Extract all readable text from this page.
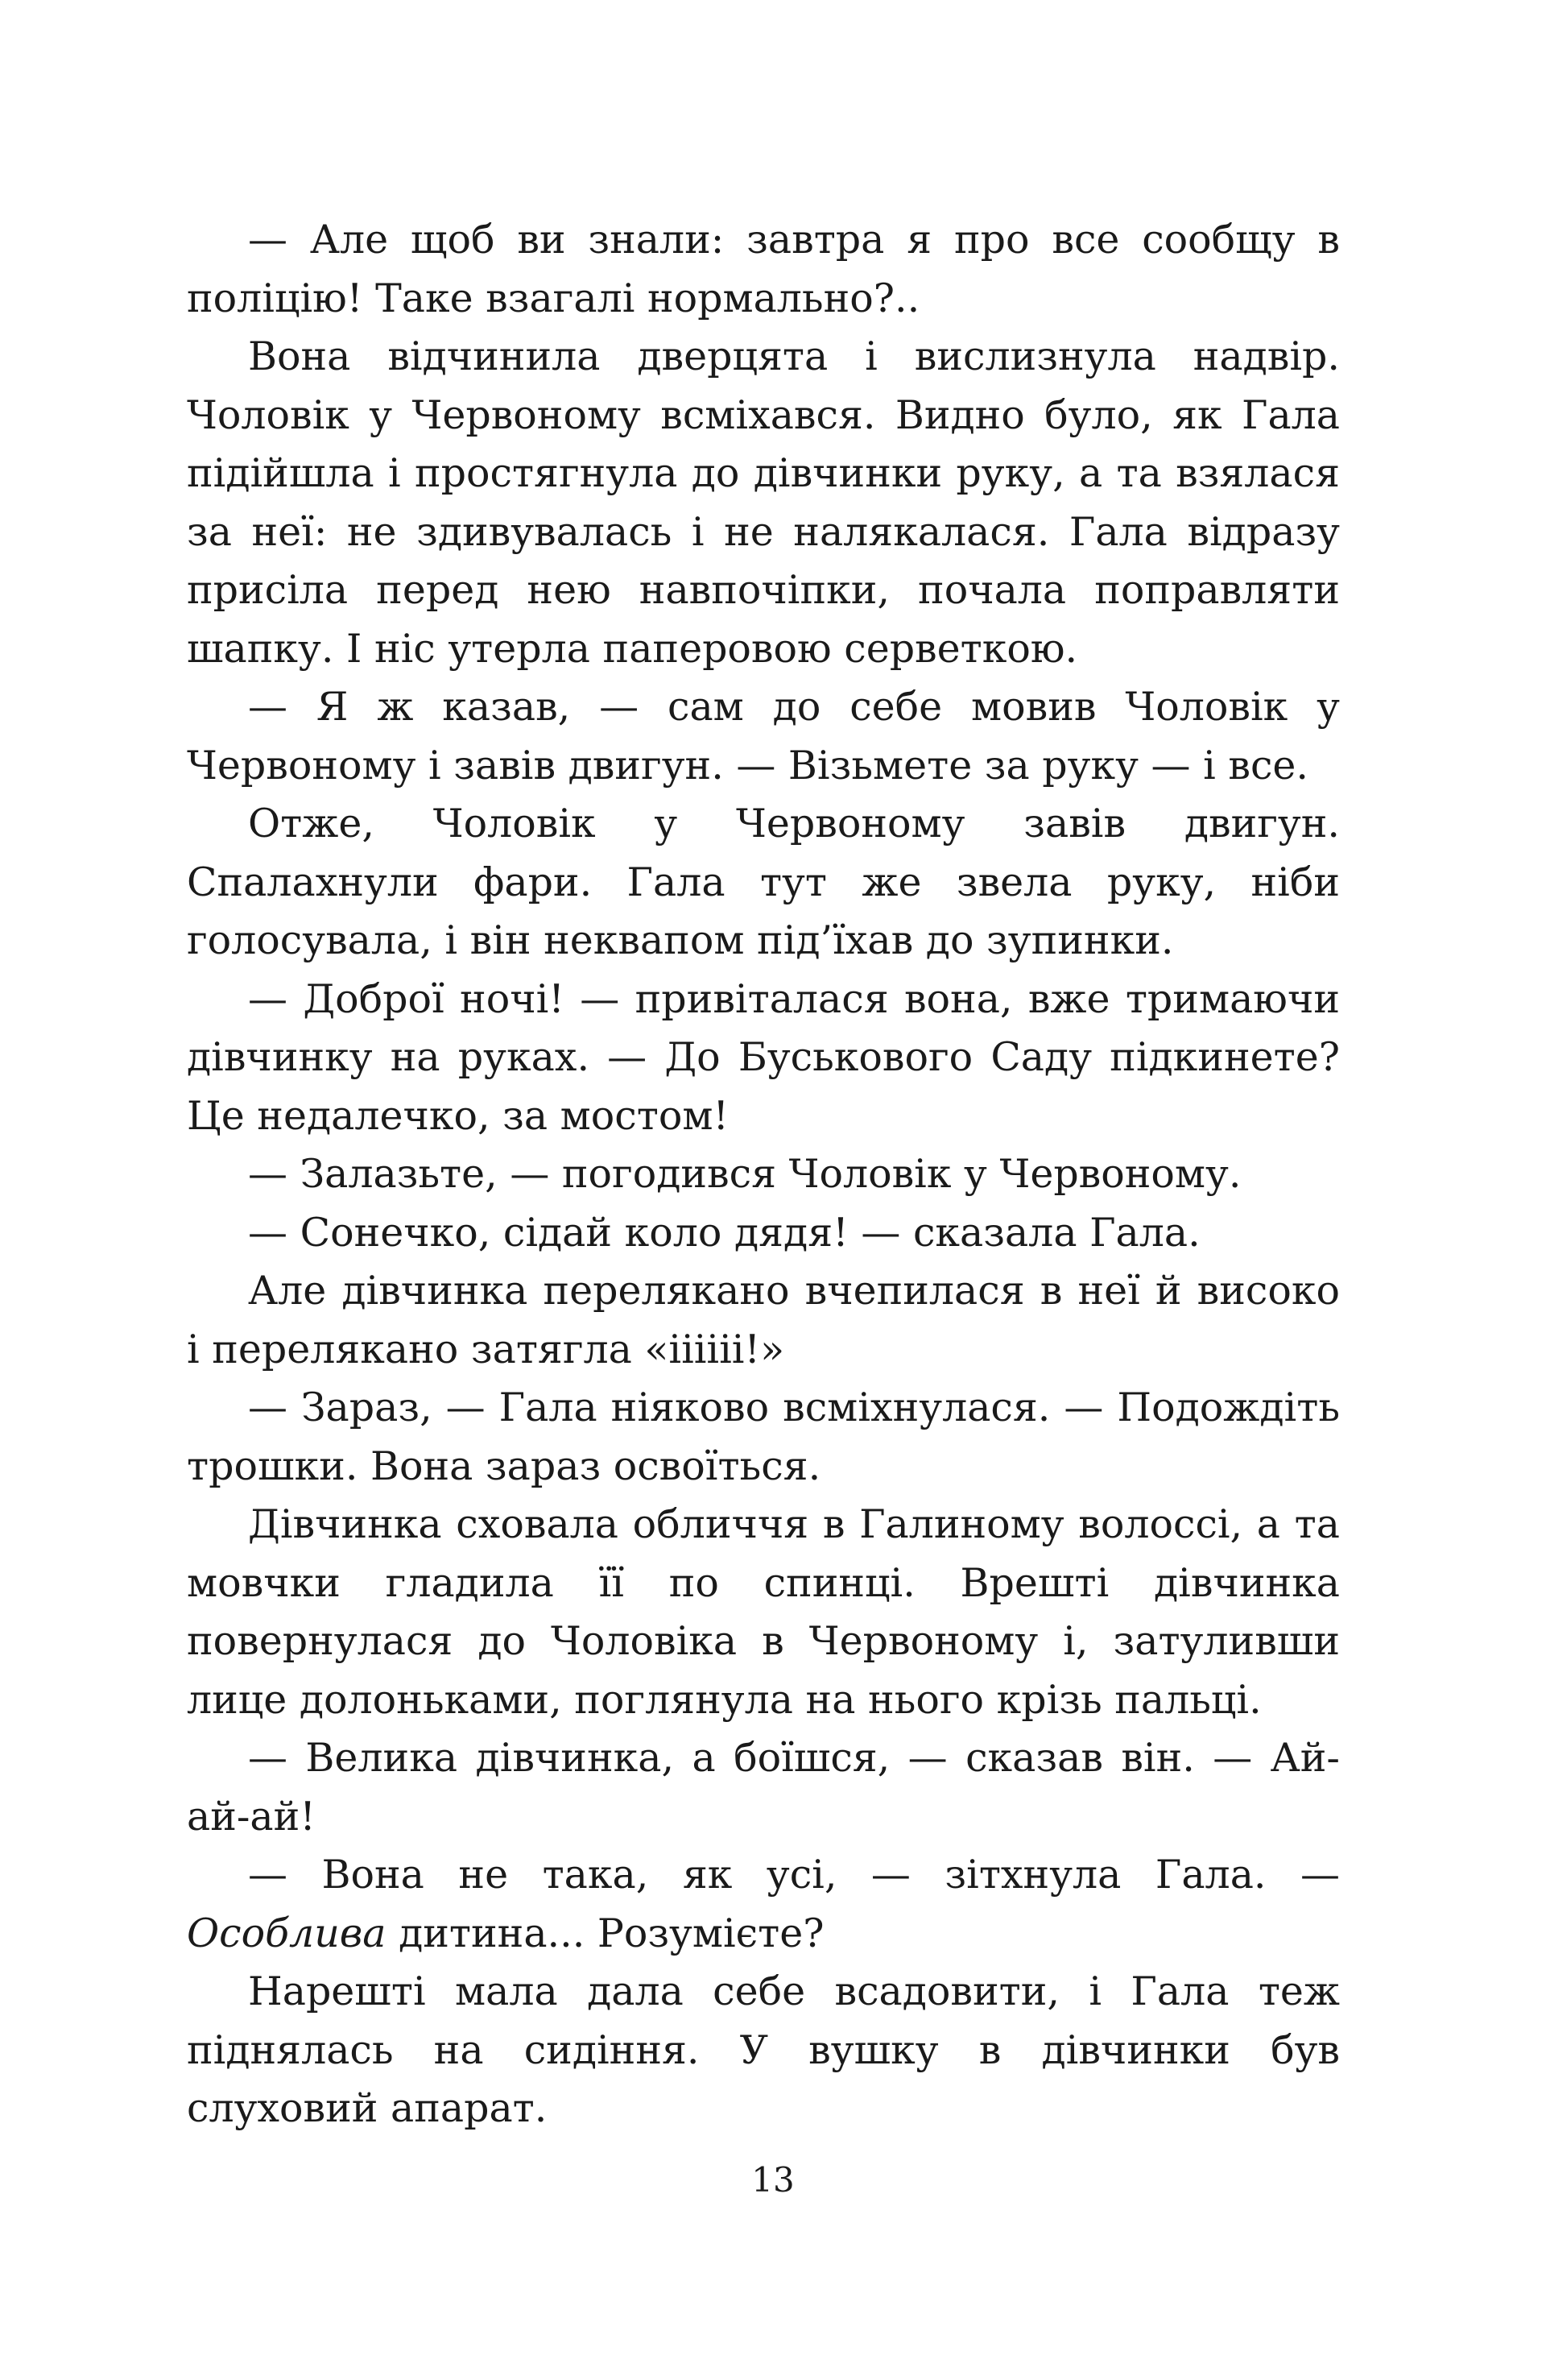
— Але щоб ви знали: завтра я про все сообщу в поліцію! Таке взагалі нормально?..

Вона відчинила дверцята і вислизнула надвір. Чоловік у Червоному всміхався. Видно було, як Гала підійшла і простягнула до дівчинки руку, а та взялася за неї: не здивувалась і не налякалася. Гала відразу присіла перед нею навпочіпки, почала поправляти шапку. І ніс утерла паперовою серветкою.

— Я ж казав, — сам до себе мовив Чоловік у Червоному і завів двигун. — Візьмете за руку — і все.

Отже, Чоловік у Червоному завів двигун. Спалахнули фари. Гала тут же звела руку, ніби голосувала, і він неквапом під’їхав до зупинки.

— Доброї ночі! — привіталася вона, вже тримаючи дівчинку на руках. — До Буськового Саду підкинете? Це недалечко, за мостом!

— Залазьте, — погодився Чоловік у Червоному.

— Сонечко, сідай коло дядя! — сказала Гала.

Але дівчинка перелякано вчепилася в неї й високо і перелякано затягла «іііііі!»

— Зараз, — Гала ніяково всміхнулася. — Подождіть трошки. Вона зараз освоїться.

Дівчинка сховала обличчя в Галиному волоссі, а та мовчки гладила її по спинці. Врешті дівчинка повернулася до Чоловіка в Червоному і, затуливши лице долоньками, поглянула на нього крізь пальці.

— Велика дівчинка, а боїшся, — сказав він. — Ай-ай-ай!

— Вона не така, як усі, — зітхнула Гала. — Особлива дитина... Розумієте?

Нарешті мала дала себе всадовити, і Гала теж піднялась на сидіння. У вушку в дівчинки був слуховий апарат.

13
